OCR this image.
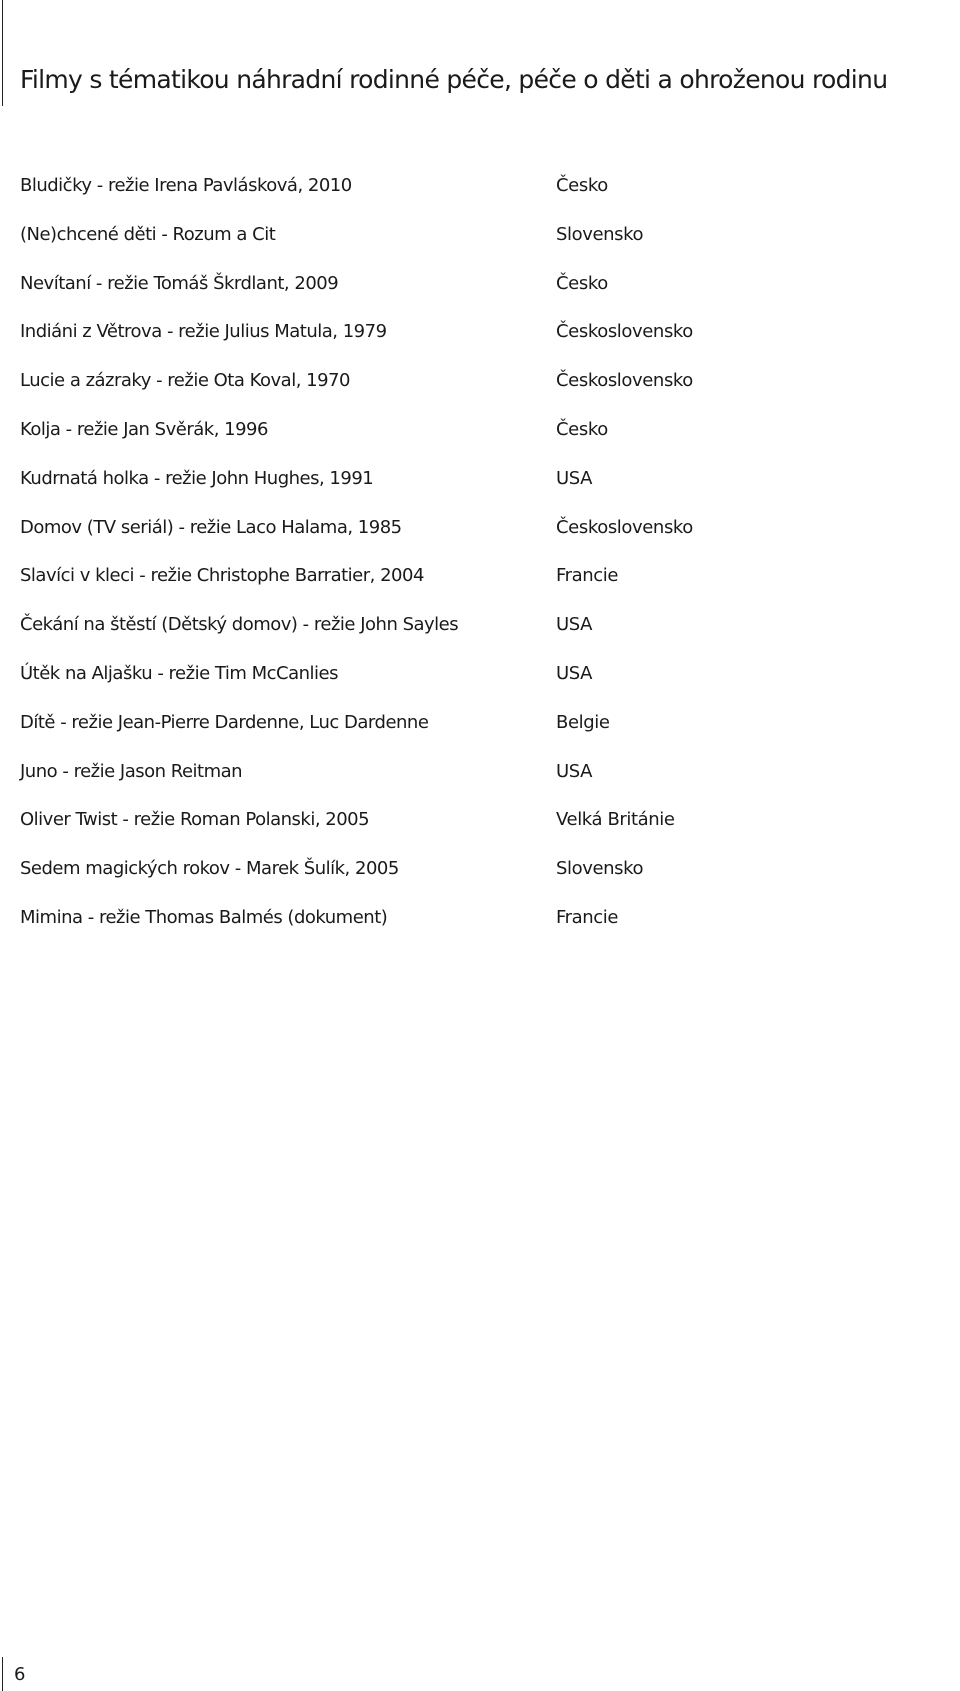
Filmy s tématikou náhradní rodinné péče, péče o děti a ohroženou rodinu
Bludičky - režie Irena Pavlásková, 2010	Česko
(Ne)chcené děti - Rozum a Cit	Slovensko
Nevítaní - režie Tomáš Škrdlant, 2009	Česko
Indiáni z Větrova - režie Julius Matula, 1979	Československo
Lucie a zázraky - režie Ota Koval, 1970	Československo
Kolja - režie Jan Svěrák, 1996	Česko
Kudrnatá holka - režie John Hughes, 1991	USA
Domov (TV seriál) - režie Laco Halama, 1985	Československo
Slavíci v kleci - režie Christophe Barratier, 2004	Francie
Čekání na štěstí (Dětský domov) - režie John Sayles	USA
Útěk na Aljašku - režie Tim McCanlies	USA
Dítě - režie Jean-Pierre Dardenne, Luc Dardenne	Belgie
Juno - režie Jason Reitman	USA
Oliver Twist - režie Roman Polanski, 2005	Velká Británie
Sedem magických rokov - Marek Šulík, 2005	Slovensko
Mimina - režie Thomas Balmés (dokument)	Francie
6
